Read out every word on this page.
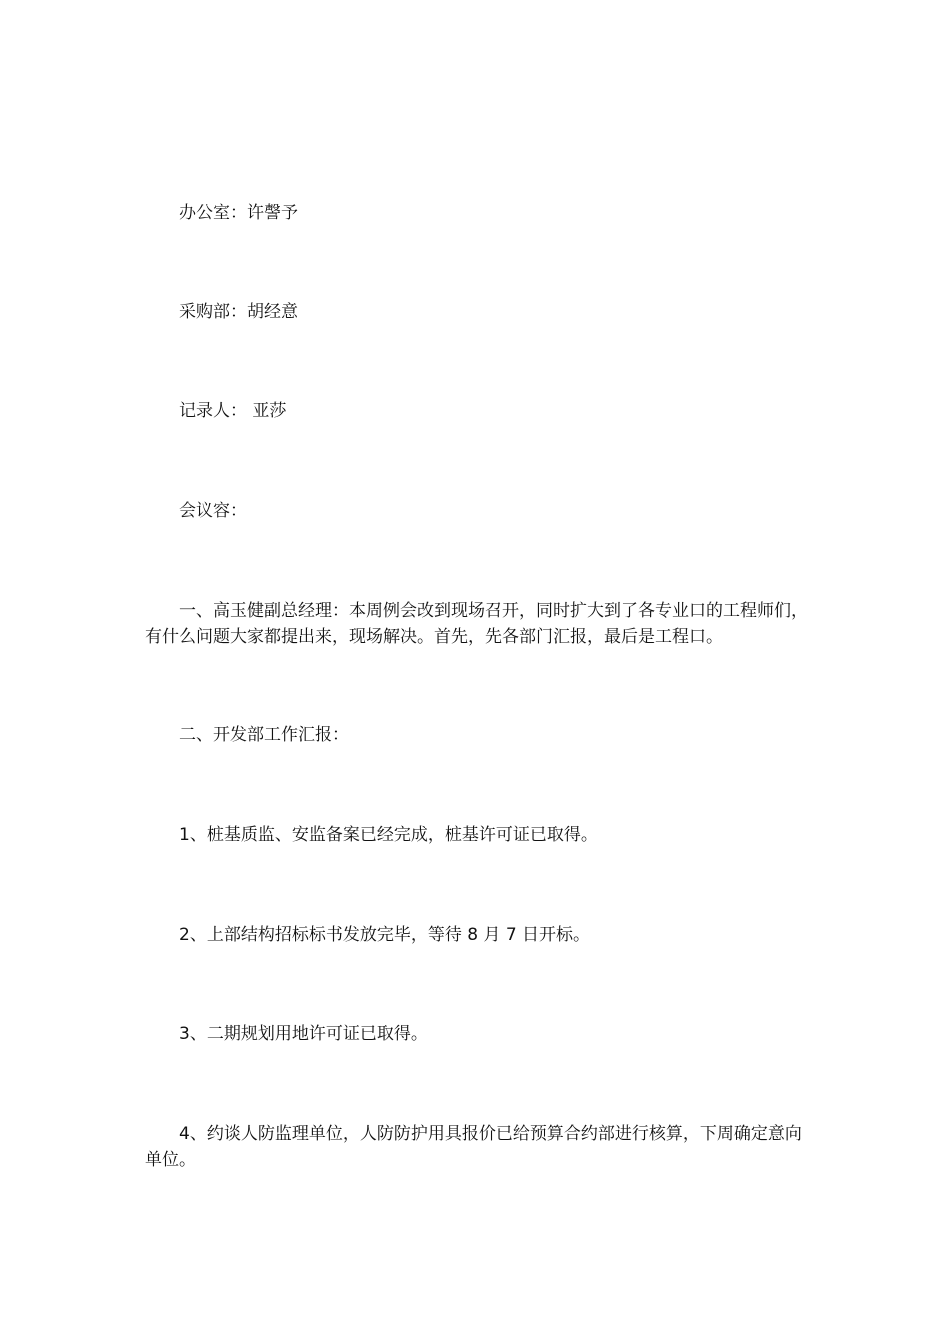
办公室：许謦予
采购部：胡经意
记录人： 亚莎
会议容：
一、高玉健副总经理：本周例会改到现场召开，同时扩大到了各专业口的工程师们，有什么问题大家都提出来，现场解决。首先，先各部门汇报，最后是工程口。
二、开发部工作汇报：
1、桩基质监、安监备案已经完成，桩基许可证已取得。
2、上部结构招标标书发放完毕，等待 8 月 7 日开标。
3、二期规划用地许可证已取得。
4、约谈人防监理单位，人防防护用具报价已给预算合约部进行核算，下周确定意向单位。
